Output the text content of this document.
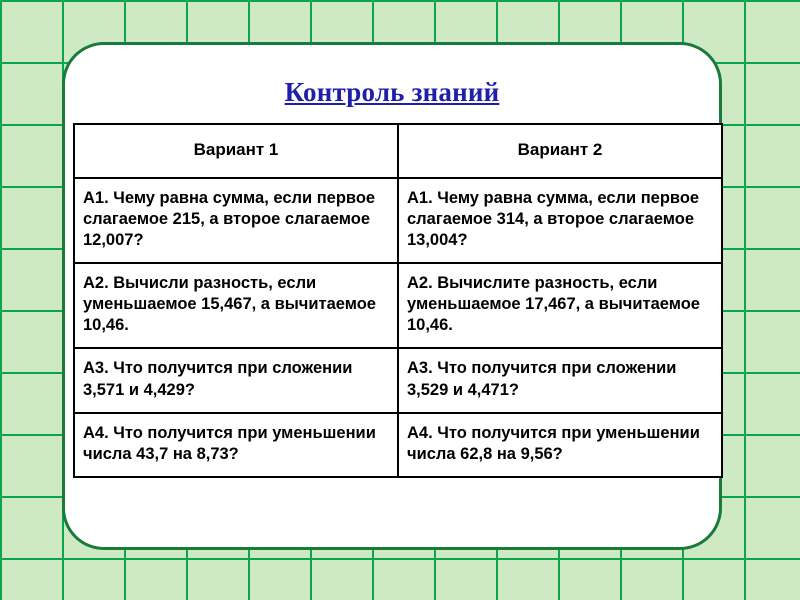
Контроль знаний
Вариант 1	Вариант 2
А1. Чему равна сумма, если первое слагаемое 215, а второе слагаемое 12,007?	А1. Чему равна сумма, если первое слагаемое 314, а второе слагаемое 13,004?
А2. Вычисли разность, если уменьшаемое 15,467, а вычитаемое 10,46.	А2. Вычислите разность, если уменьшаемое 17,467, а вычитаемое 10,46.
А3. Что получится при сложении 3,571 и 4,429?	А3. Что получится при сложении 3,529 и 4,471?
А4. Что получится при уменьшении числа 43,7 на 8,73?	А4. Что получится при уменьшении числа 62,8 на 9,56?
